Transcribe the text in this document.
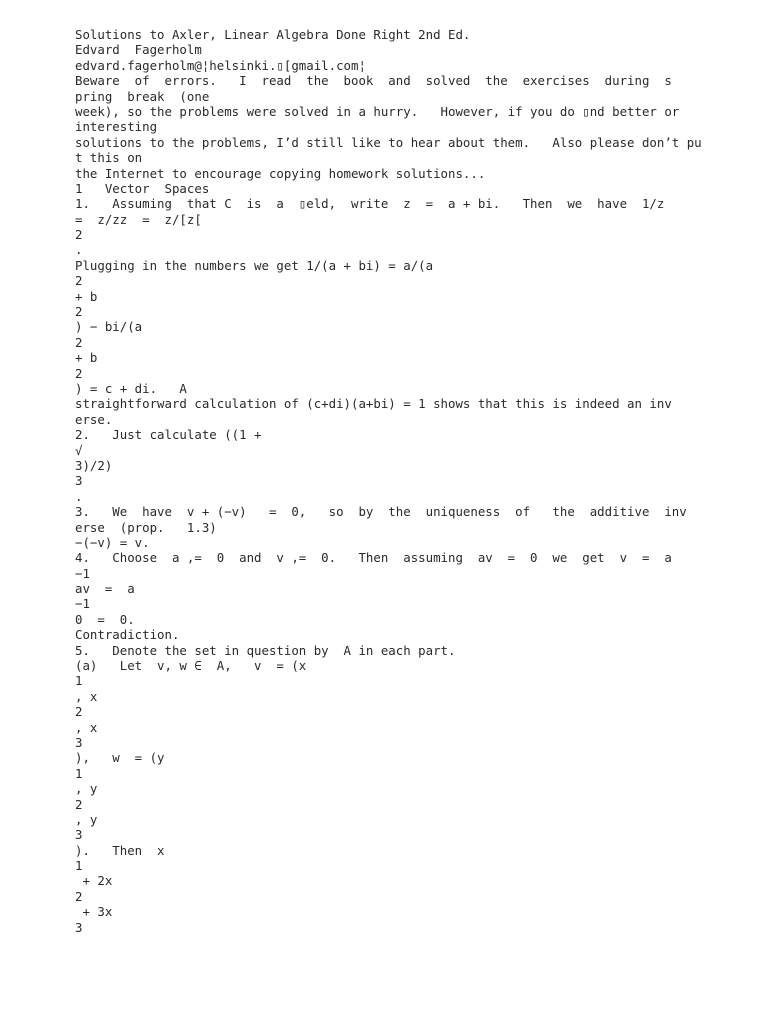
Solutions to Axler, Linear Algebra Done Right 2nd Ed.
Edvard  Fagerholm
edvard.fagerholm@¦helsinki.▯[gmail.com¦
Beware  of  errors.   I  read  the  book  and  solved  the  exercises  during  s
pring  break  (one
week), so the problems were solved in a hurry.   However, if you do ▯nd better or
interesting
solutions to the problems, I’d still like to hear about them.   Also please don’t pu
t this on
the Internet to encourage copying homework solutions...
1   Vector  Spaces
1.   Assuming  that C  is  a  ▯eld,  write  z  =  a + bi.   Then  we  have  1/z
=  z/zz  =  z/[z[
2
.
Plugging in the numbers we get 1/(a + bi) = a/(a
2
+ b
2
) − bi/(a
2
+ b
2
) = c + di.   A
straightforward calculation of (c+di)(a+bi) = 1 shows that this is indeed an inv
erse.
2.   Just calculate ((1 +
√
3)/2)
3
.
3.   We  have  v + (−v)   =  0,   so  by  the  uniqueness  of   the  additive  inv
erse  (prop.   1.3)
−(−v) = v.
4.   Choose  a ,=  0  and  v ,=  0.   Then  assuming  av  =  0  we  get  v  =  a
−1
av  =  a
−1
0  =  0.
Contradiction.
5.   Denote the set in question by  A in each part.
(a)   Let  v, w ∈  A,   v  = (x
1
, x
2
, x
3
),   w  = (y
1
, y
2
, y
3
).   Then  x
1
+ 2x
2
+ 3x
3
